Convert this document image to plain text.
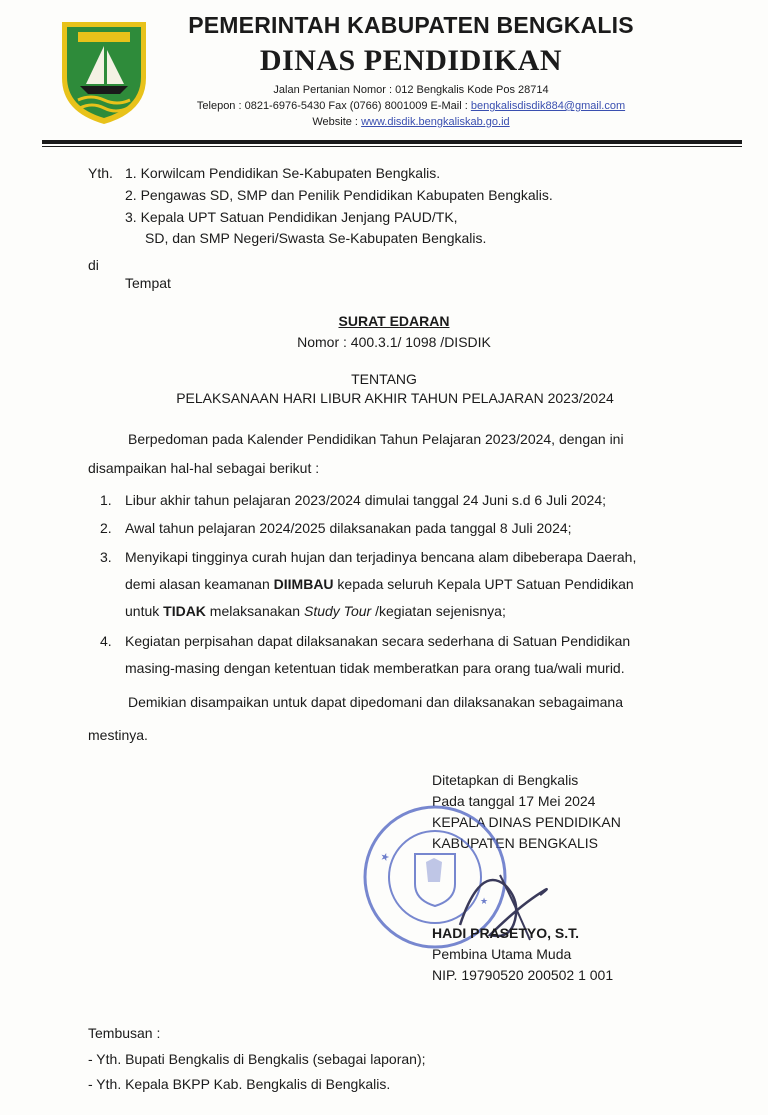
PEMERINTAH KABUPATEN BENGKALIS
DINAS PENDIDIKAN
Jalan Pertanian Nomor : 012 Bengkalis Kode Pos 28714
Telepon : 0821-6976-5430 Fax (0766) 8001009 E-Mail : bengkalisdisdik884@gmail.com
Website : www.disdik.bengkaliskab.go.id
Yth. 1. Korwilcam Pendidikan Se-Kabupaten Bengkalis.
2. Pengawas SD, SMP dan Penilik Pendidikan Kabupaten Bengkalis.
3. Kepala UPT Satuan Pendidikan Jenjang PAUD/TK,
SD, dan SMP Negeri/Swasta Se-Kabupaten Bengkalis.
di
Tempat
SURAT EDARAN
Nomor : 400.3.1/ 1098 /DISDIK
TENTANG
PELAKSANAAN HARI LIBUR AKHIR TAHUN PELAJARAN 2023/2024
Berpedoman pada Kalender Pendidikan Tahun Pelajaran 2023/2024, dengan ini
disampaikan hal-hal sebagai berikut :
1. Libur akhir tahun pelajaran 2023/2024 dimulai tanggal 24 Juni s.d 6 Juli 2024;
2. Awal tahun pelajaran 2024/2025 dilaksanakan pada tanggal 8 Juli 2024;
3. Menyikapi tingginya curah hujan dan terjadinya bencana alam dibeberapa Daerah,
demi alasan keamanan DIIMBAU kepada seluruh Kepala UPT Satuan Pendidikan
untuk TIDAK melaksanakan Study Tour /kegiatan sejenisnya;
4. Kegiatan perpisahan dapat dilaksanakan secara sederhana di Satuan Pendidikan
masing-masing dengan ketentuan tidak memberatkan para orang tua/wali murid.
Demikian disampaikan untuk dapat dipedomani dan dilaksanakan sebagaimana
mestinya.
Ditetapkan di Bengkalis
Pada tanggal 17 Mei 2024
KEPALA DINAS PENDIDIKAN
KABUPATEN BENGKALIS
★
★
HADI PRASETYO, S.T.
Pembina Utama Muda
NIP. 19790520 200502 1 001
Tembusan :
- Yth. Bupati Bengkalis di Bengkalis (sebagai laporan);
- Yth. Kepala BKPP Kab. Bengkalis di Bengkalis.
